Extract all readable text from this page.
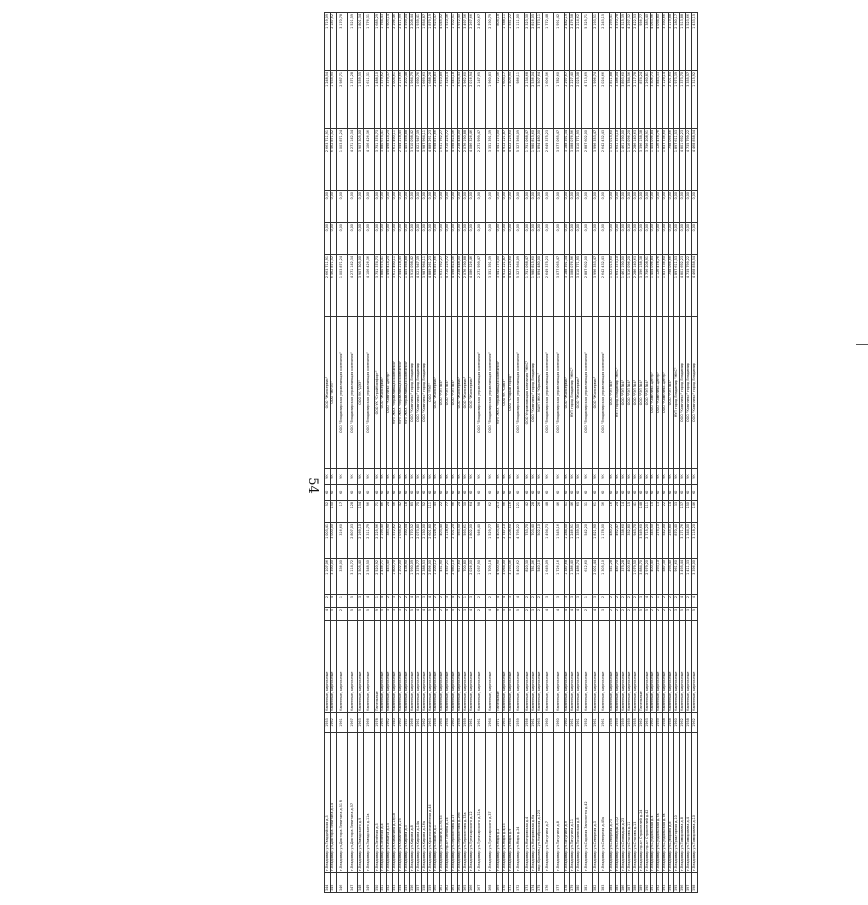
344	г.Владимир ул.Гвардейская д.3	1953	Каменные, кирпичные	4	2	1 107,06	1 003,41	52	Ю	УК	ООО "Жилсервис"	2 663 711,91	0,00	0,00	2 663 711,91	1 248,54	1 719,09
345	г.Владимир ул.Диктора Левитана д.14	1962	Каменные, кирпичные	5	4	3 390,00	3 000,00	150	Ю	УК	ООО "ЖРЭП"	6 562 871,52	0,00	0,00	6 562 871,52	1 935,95	2 187,62
346	г.Владимир ул.Диктора Левитана д.51 б	1961	Каменные, кирпичные	2	1	336,00	316,60	17	Ю	УК	ООО "Владимирская управляющая компания"	1 003 871,24	0,00	0,00	1 003 871,24	2 987,71	3 170,78
347	г.Владимир ул.Диктора Левитана д.57	1967	Каменные, кирпичные	5	5	3 114,72	2 807,03	128	Ю	УК	ООО "Владимирская управляющая компания"	4 271 142,34	0,00	0,00	4 271 142,34	1 371,28	1 521,59
348	г.Владимир ул.Завадского д.9	1963	Каменные, кирпичные	5	3	2 505,40	2 169,10	154	Ю	УК	ООО УК "ДЭЗ"	3 907 305,00	0,00	0,00	3 907 305,00	1 559,55	1 801,34
349	г.Владимир ул.Завадского д.11а	1966	Каменные, кирпичные	5	4	2 548,50	2 311,79	96	Ю	УК	ООО "Владимирская управляющая компания"	4 106 426,36	0,00	0,00	4 106 426,36	1 611,31	1 776,31
350	г.Владимир ул.Зелёная д.3	1978	Панельные	9	1	2 520,92	2 225,96	71	Ю	УК	ООО УК "СтройКомфорт"	3 751 374,73	0,00	0,00	3 751 374,73	1 488,10	1 685,29
351	г.Владимир ул.Зелёная д.4	1965	Каменные, кирпичные	5	4	2 456,71	2 199,40	86	Ю	УК	ООО "Жилсервис"	3 880 675,41	0,00	0,00	3 880 675,41	1 579,62	1 764,43
352	г.Владимир ул.Ильича д.15	1962	Каменные, кирпичные	3	2	443,40	383,90	24	Ю	УК	ООО "Комплекс Центр"	1 498 414,25	0,00	0,00	1 498 414,25	3 379,37	3 903,14
353	г.Владимир ул.Каманина д.18/18	1940	Каменные, кирпичные	3	3	1 800,70	1 572,62	56	Ю	УК	МУП ЖКХ "Управляющая компания"	3 611 490,11	0,00	0,00	3 611 490,11	2 005,61	2 296,46
354	г.Владимир ул.Каманина д.25	1960	Каменные, кирпичные	3	2	1 202,00	1 054,82	42	Ю	УК	МУП ЖКХ "Управляющая компания"	2 544 218,45	0,00	0,00	2 544 218,45	2 116,66	2 411,99
355	г.Владимир ул.Кирова д.3	1957	Каменные, кирпичные	2	2	438,90	390,54	18	Ю	УК	МУП ЖКХ "Управляющая компания"	1 405 568,88	0,00	0,00	1 405 568,88	3 202,48	3 599,04
356	г.Владимир ул.Кирова д.8	1966	Каменные, кирпичные	5	4	1 990,09	1 770,52	85	Ю	УК	ООО "Комплекс" город Владимир	3 910 098,42	0,00	0,00	3 910 098,42	1 964,79	2 208,44
357	г.Владимир ул.Кирова д.14а	1961	Каменные, кирпичные	4	3	2 378,77	2 073,80	75	Ю	УК	ООО "Комплекс" город Владимир	4 021 947,39	0,00	0,00	4 021 947,39	1 690,76	1 939,41
358	г.Владимир ул.Кирова д.16а	1962	Каменные, кирпичные	4	3	2 388,53	2 150,00	52	Ю	УК	ООО "Комплекс" город Владимир	3 987 964,11	0,00	0,00	3 987 964,11	1 669,63	1 854,87
359	г.Владимир ул.Краснознамённая д.44	1963	Каменные, кирпичные	5	4	2 896,00	2 601,80	111	Ю	УК	ООО "РЭП"	4 889 261,23	0,00	0,00	4 889 261,23	1 688,28	1 879,19
360	г.Владимир ул.Лакина д.1	1958	Каменные, кирпичные	3	2	1 200,12	1 028,74	45	Ю	УК	ООО "Жилсервис"	2 698 871,66	0,00	0,00	2 698 871,66	2 248,83	2 623,47
361	г.Владимир ул.Лакина д.170/33	1964	Каменные, кирпичные	2	2	451,90	403,40	22	Ю	УК	ООО "РЭП №4"	1 631 762,27	0,00	0,00	1 631 762,27	3 610,89	4 045,02
362	г.Владимир пр-кт Ленина д.14	1954	Каменные, кирпичные	4	3	3 557,21	3 118,60	77	Ю	УК	ООО "РЭП №4"	4 710 225,72	0,00	0,00	4 710 225,72	1 324,14	1 510,36
363	г.Владимир ул.Лермонтова д.27	1960	Каменные, кирпичные	5	4	2 980,10	2 701,20	96	Ю	УК	ООО "РЭП №4"	4 598 814,56	0,00	0,00	4 598 814,56	1 543,18	1 702,51
364	г.Владимир ул.Лермонтова д.26б	1958	Каменные, кирпичные	2	2	617,60	563,50	24	Ю	УК	ООО "Жилсервис"	2 238 448,00	0,00	0,00	2 238 448,00	3 624,43	3 972,40
365	г.Владимир ул.Лермонтова д.33а	1959	Каменные, кирпичные	3	1	700,80	593,61	30	Ю	УК	ООО "Жилсервис"	2 076 190,88	0,00	0,00	2 076 190,88	2 962,60	3 497,56
366	г.Владимир ул.Луначарского д.12	1961	Каменные, кирпичные	4	3	2 026,00	1 802,00	64	Ю	УК	ООО "Жилсервис"	4 086 326,46	0,00	0,00	4 086 326,46	2 016,94	2 267,66
367	г.Владимир ул.Луначарского д.31а	1961	Каменные, кирпичные	2	2	1 057,90	946,40	98	Ю	УК	ООО "Владимирская управляющая компания"	2 271 999,47	0,00	0,00	2 271 999,47	2 147,65	2 400,67
368	г.Владимир ул.Луначарского д.37	1964	Каменные, кирпичные	4	2	1 709,18	1 529,77	62	Ю	УК	ООО "Владимирская управляющая компания"	3 351 391,39	0,00	0,00	3 351 391,39	1 960,83	2 190,79
369	г.Владимир ул.Мира д.2	1971	Панельные	9	4	4 900,90	4 403,45	213	Ю	УК	МУП ЖКХ "Управляющая компания"	3 541 173,00	0,00	0,00	3 541 173,00	722,56	804,18
370	г.Владимир ул.Мира д.4/23	1963	Каменные, кирпичные	5	4	3 064,00	2 747,10	96	Ю	УК	ООО УК "Союз"	4 912 121,87	0,00	0,00	4 912 121,87	1 603,17	1 788,11
371	г.Владимир ул.Мира д.9	1954	Каменные, кирпичные	5	3	3 193,56	3 108,60	116	Ю	УК	ООО "Старый город"	4 822 125,60	0,00	0,00	4 822 125,60	1 509,95	1 551,22
372	г.Владимир ул.Мира д.24	1959	Каменные, кирпичные	5	4	5 402,62	4 795,22	121	Ю	УК	ООО "Владимирская управляющая компания"	5 327 564,09	0,00	0,00	5 327 564,09	986,11	1 111,00
373	г.Владимир ул.Мопровская д.4	1956	Каменные, кирпичные	2	2	820,30	753,70	42	Ю	УК	ООО Управляющая компания "ЖКС"	1 751 068,47	0,00	0,00	1 751 068,47	2 134,68	2 323,30
374	г.Владимир ул.Мопровская д.6а	1961	Каменные, кирпичные	3	2	781,06	703,40	28	Ю	УК	ООО "Комплекс" город Владимир	1 980 815,60	0,00	0,00	1 980 815,60	2 536,04	2 816,05
375	мкр.Юрьевец ул.Ноябрьская д.123	1963	Каменные, кирпичные	2	2	540,10	502,10	26	Ю	УК	МАУП ЖКХ "Юрьевец"	1 894 480,00	0,00	0,00	1 894 480,00	3 507,64	3 773,11
376	г.Владимир ул.Пичугина д.7	1960	Каменные, кирпичные	4	3	1 649,09	1 494,73	48	Ю	УК	ООО "Владимирская управляющая компания"	2 649 375,23	0,00	0,00	2 649 375,23	1 606,56	1 772,48
377	г.Владимир ул.Пичугина д.8	1960	Каменные, кирпичные	4	3	1 726,16	1 545,16	46	Ю	УК	ООО "Владимирская управляющая компания"	3 077 065,47	0,00	0,00	3 077 065,47	1 782,60	1 991,42
378	г.Владимир ул.Пичугина д.9	1960	Каменные, кирпичные	4	3	1 387,68	1 284,50	51	Ю	УК	ООО "Жилсервис"	3 188 391,34	0,00	0,00	3 188 391,34	2 297,67	2 482,19
379	г.Владимир ул.Пичугина д.11	1961	Каменные, кирпичные	4	3	1 386,40	1 246,91	46	Ю	УК	МУП город Владимир "ЖКС"	3 088 076,96	0,00	0,00	3 088 076,96	2 227,40	2 476,58
380	г.Владимир ул.Почаевская д.8	1961	Каменные, кирпичные	4	3	1 486,74	1 359,50	65	Ю	УК	ООО "Жилсервис"	3 010 771,95	0,00	0,00	3 010 771,95	2 025,08	2 214,62
381	г.Владимир ул.Садовая Заполотна д.42	1952	Каменные, кирпичные	2	1	612,60	542,20	31	Ю	УК	ООО "Владимирская управляющая компания"	2 887 602,00	0,00	0,00	2 887 602,00	4 713,69	5 325,71
382	г.Владимир ул.Северная д.3	1961	Каменные, кирпичные	4	3	2 001,44	1 821,90	61	Ю	УК	ООО "Жилсервис"	3 996 353,47	0,00	0,00	3 996 353,47	1 996,74	2 193,51
383	г.Владимир ул.Северная д.45а	1961	Каменные, кирпичные	3	2	1 305,10	1 178,00	36	Ю	УК	ООО "Владимирская управляющая компания"	2 642 432,43	0,00	0,00	2 642 432,43	2 024,66	2 243,15
384	г.Владимир ул.Северная д.73	1958	Каменные, кирпичные	2	2	541,28	480,22	16	Ю	УК	ООО "РЭП №4"	1 522 015,60	0,00	0,00	1 522 015,60	2 811,88	3 169,41
385	г.Владимир ул.Сновидцы д.1/2	1959	Каменные, кирпичные	2	2	487,70	462,47	24	Ю	УК	МУП город Владимир "ЖКС"	1 651 373,10	0,00	0,00	1 651 373,10	3 386,04	3 570,78
386	г.Владимир ул.Сновидцы д.23	1959	Каменные, кирпичные	2	2	375,28	338,60	14	Ю	УК	ООО "РЭП №4"	1 461 190,00	0,00	0,00	1 461 190,00	3 893,60	4 315,39
387	г.Владимир ул.Стасова д.11	1959	Каменные, кирпичные	2	2	400,60	352,80	15	Ю	УК	ООО "РЭП №4"	1 516 096,20	0,00	0,00	1 516 096,20	3 784,56	4 297,32
388	г.Владимир ул.Стасова д.13	1955	Каменные, кирпичные	3	2	1 079,50	943,70	41	Ю	УК	ООО "РЭП №4"	2 286 140,63	0,00	0,00	2 286 140,63	2 117,78	2 422,53
389	г.Владимир пр-кт Строителей д.24	1962	Панельные	5	3	3 884,70	3 549,60	148	Ю	УК	ООО "РЭП №4"	3 396 158,38	0,00	0,00	3 396 158,38	874,24	956,77
390	г.Владимир пр-кт Строителей д.42	1963	Каменные, кирпичные	5	4	2 979,20	2 715,20	111	Ю	УК	ООО "РЭП №4"	3 756 208,91	0,00	0,00	3 756 208,91	1 260,81	1 383,40
391	г.Владимир ул.Суздальская д.4	1960	Каменные, кирпичные	2	2	400,40	345,50	15	Ю	УК	ООО "Комплекс-Центр"	1 404 096,84	0,00	0,00	1 404 096,84	3 506,73	4 063,96
392	г.Владимир ул.Суздальская д.7а	1959	Каменные, кирпичные	2	1	293,10	275,10	13	Ю	УК	ООО "Комплекс-Центр"	1 126 478,76	0,00	0,00	1 126 478,76	3 843,33	4 094,80
393	г.Владимир ул.Суздальская д.7в	1958	Каменные, кирпичные	2	2	587,30	542,00	22	Ю	УК	ООО "Комплекс-Центр"	1 837 736,60	0,00	0,00	1 837 736,60	3 129,14	3 390,66
394	г.Владимир ул.Суворова д.8	1958	Каменные, кирпичные	2	2	295,40	255,80	14	Ю	УК	ООО "РЭП №4"	798 066,66	0,00	0,00	798 066,66	2 701,65	3 119,88
395	г.Владимир ул.Тракторная д.10	1960	Каменные, кирпичные	3	2	961,60	870,40	33	Ю	УК	МУП город Владимир "ЖКС"	1 897 611,53	0,00	0,00	1 897 611,53	1 973,39	2 180,17
396	г.Владимир ул.Тимирязева д.8	1962	Каменные, кирпичные	5	4	3 495,44	3 171,76	137	Ю	УК	ООО "Комплекс" город Владимир	4 801 692,23	0,00	0,00	4 801 692,23	1 373,70	1 513,88
397	г.Владимир ул.Тимирязева д.4	1958	Каменные, кирпичные	3	2	1 411,33	1 344,00	150	Ю	УК	ООО "Комплекс" город Владимир	4 735 799,22	0,00	0,00	4 735 799,22	3 355,57	3 523,66
398	г.Владимир ул.Тимирязева д.10	1962	Каменные, кирпичные	5	4	3 396,00	3 118,20	146	Ю	УК	ООО "Комплекс" город Владимир	4 468 858,54	0,00	0,00	4 468 858,54	1 315,92	1 433,15
54
